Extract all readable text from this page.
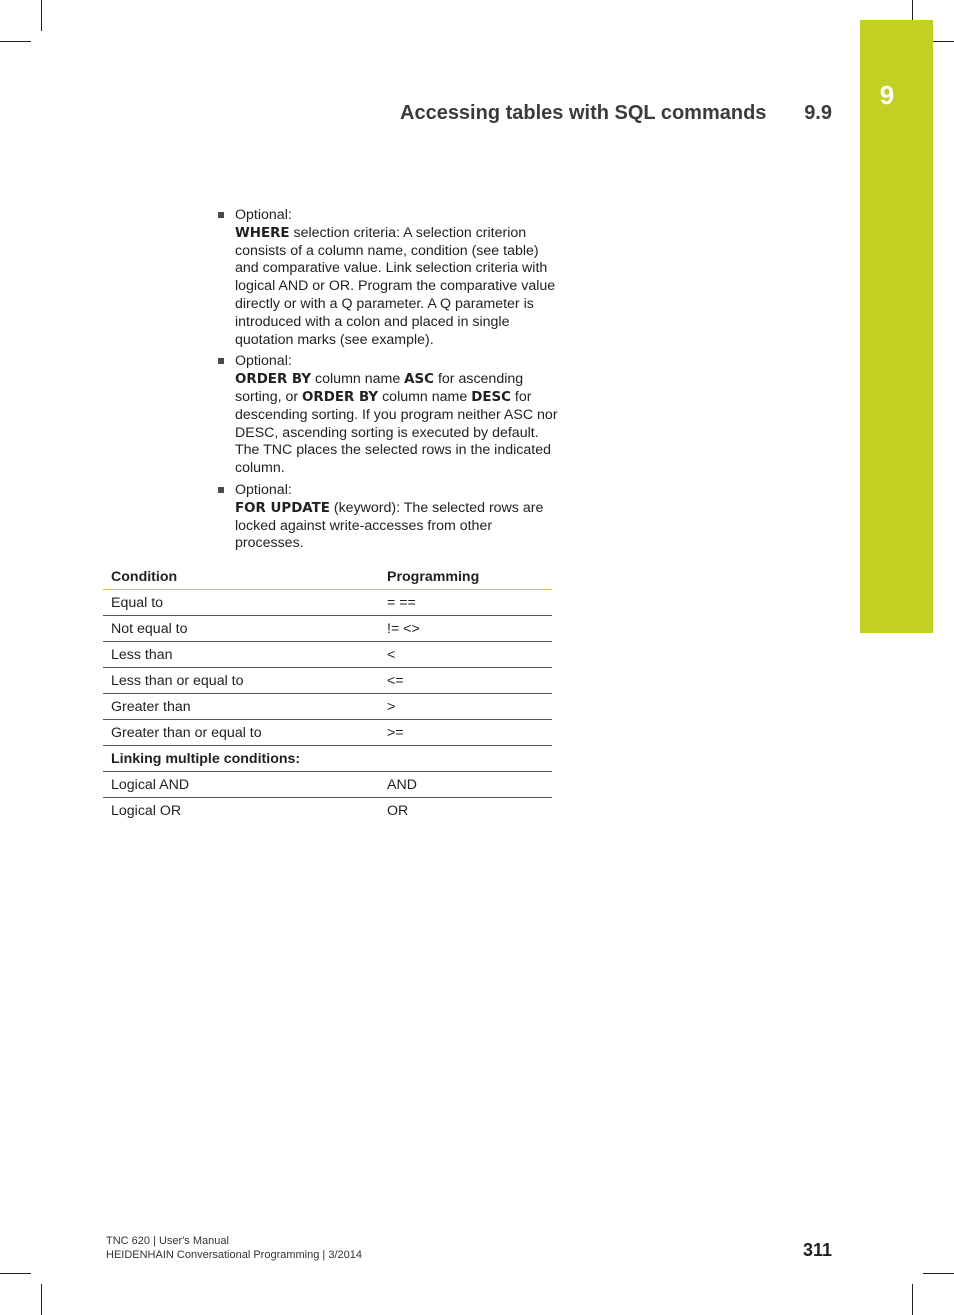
9
Accessing tables with SQL commands 9.9

Optional:

WHERE selection criteria: A selection criterion consists of a column name, condition (see table) and comparative value. Link selection criteria with logical AND or OR. Program the comparative value directly or with a Q parameter. A Q parameter is introduced with a colon and placed in single quotation marks (see example).

Optional:

ORDER BY column name ASC for ascending sorting, or ORDER BY column name DESC for descending sorting. If you program neither ASC nor DESC, ascending sorting is executed by default. The TNC places the selected rows in the indicated column.

Optional:

FOR UPDATE (keyword): The selected rows are locked against write-accesses from other processes.

Condition	Programming
Equal to	= ==
Not equal to	!= <>
Less than	<
Less than or equal to	<=
Greater than	>
Greater than or equal to	>=
Linking multiple conditions:	
Logical AND	AND
Logical OR	OR
TNC 620 | User's Manual
HEIDENHAIN Conversational Programming | 3/2014	311
